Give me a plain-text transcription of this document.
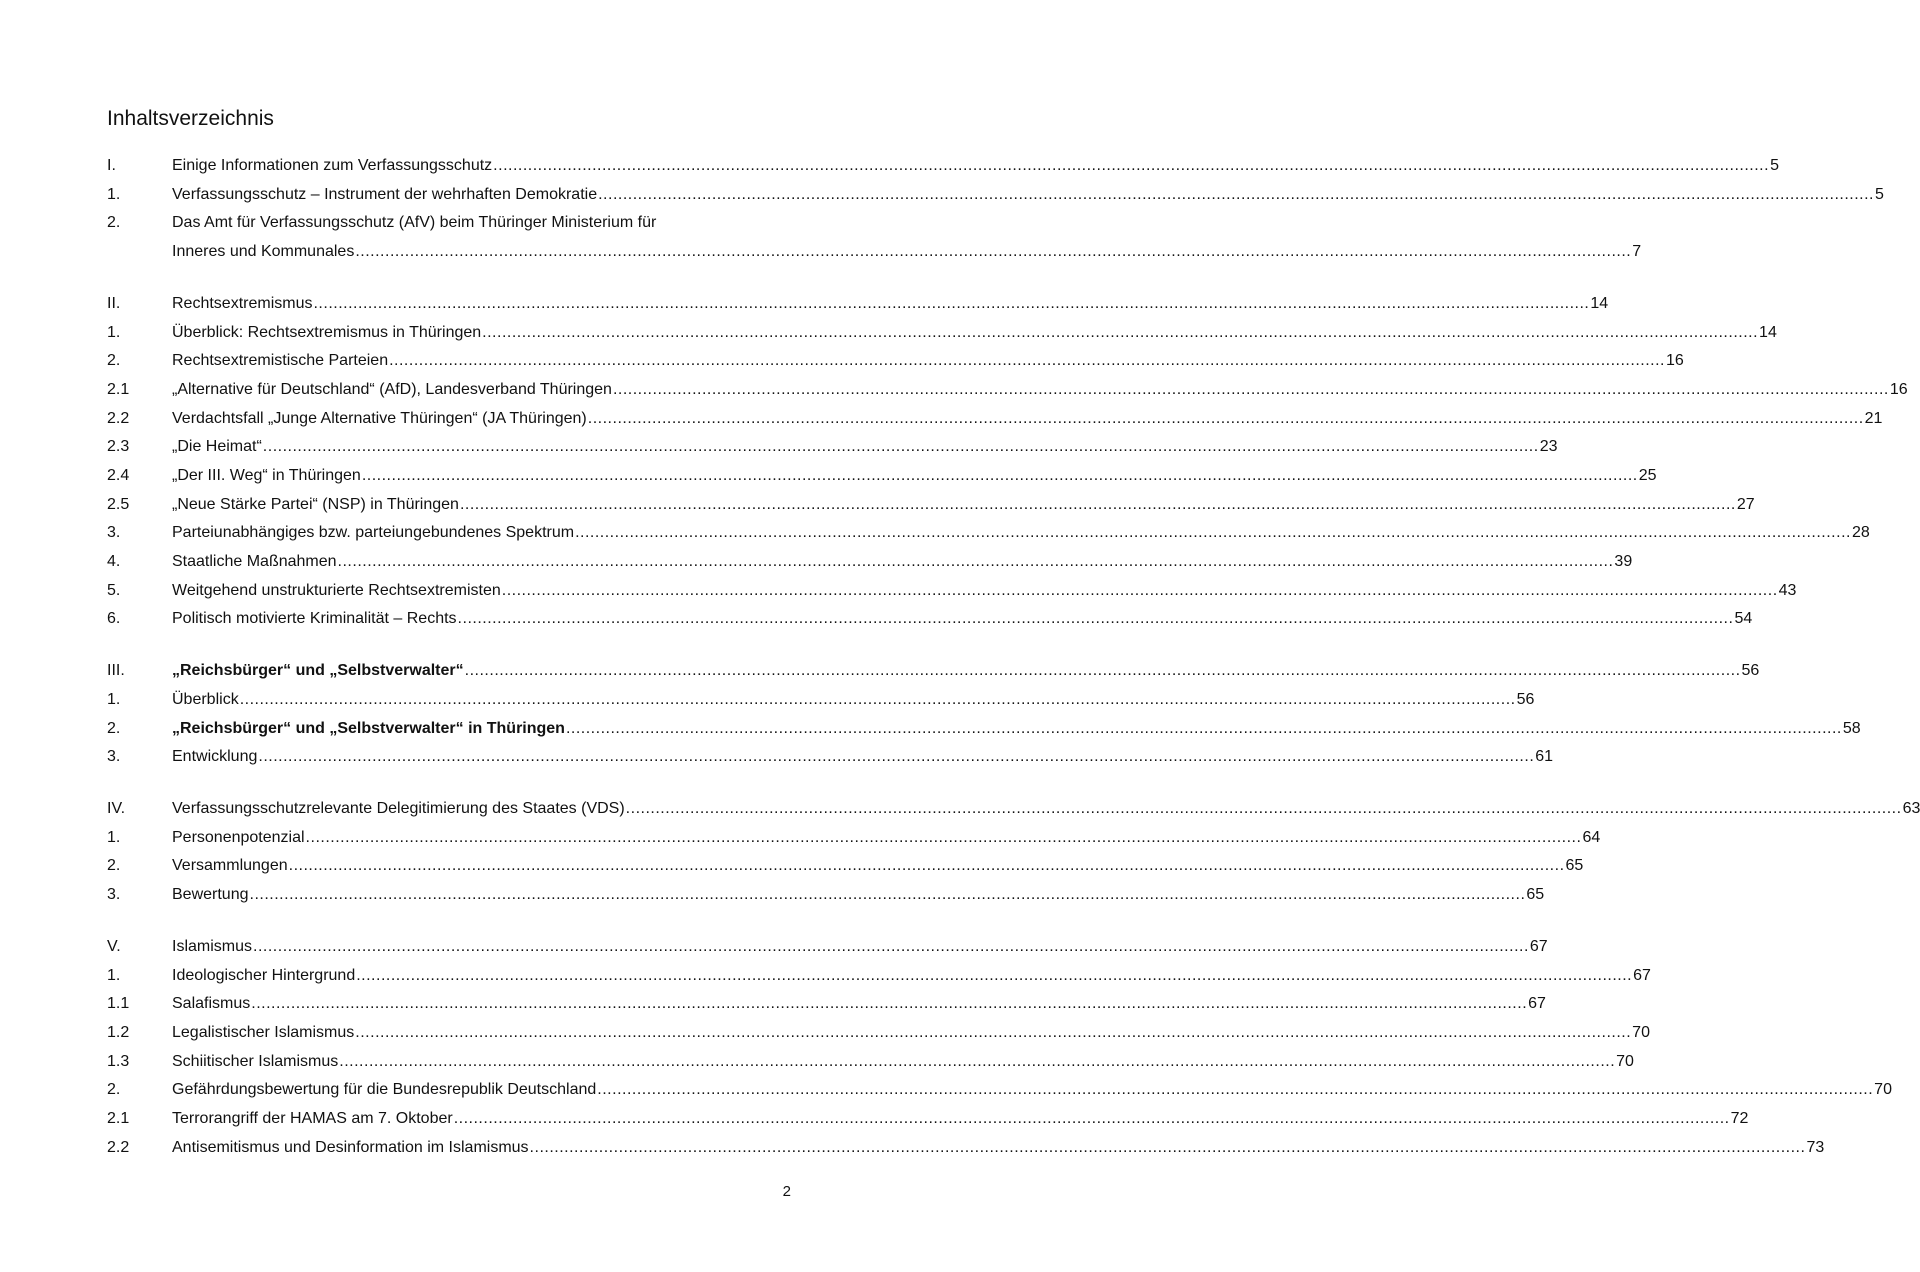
Inhaltsverzeichnis
I.	Einige Informationen zum Verfassungsschutz .....	5
1.	Verfassungsschutz – Instrument der wehrhaften Demokratie .....	5
2.	Das Amt für Verfassungsschutz (AfV) beim Thüringer Ministerium für
Inneres und Kommunales .....	7
II.	Rechtsextremismus .....	14
1.	Überblick: Rechtsextremismus in Thüringen .....	14
2.	Rechtsextremistische Parteien .....	16
2.1	„Alternative für Deutschland“ (AfD), Landesverband Thüringen .....	16
2.2	Verdachtsfall „Junge Alternative Thüringen“ (JA Thüringen) .....	21
2.3	„Die Heimat“ .....	23
2.4	„Der III. Weg“ in Thüringen .....	25
2.5	„Neue Stärke Partei“ (NSP) in Thüringen .....	27
3.	Parteiunabhängiges bzw. parteiungebundenes Spektrum .....	28
4.	Staatliche Maßnahmen .....	39
5.	Weitgehend unstrukturierte Rechtsextremisten .....	43
6.	Politisch motivierte Kriminalität – Rechts .....	54
III.	„Reichsbürger“ und „Selbstverwalter“ .....	56
1.	Überblick .....	56
2.	„Reichsbürger“ und „Selbstverwalter“ in Thüringen .....	58
3.	Entwicklung .....	61
IV.	Verfassungsschutzrelevante Delegitimierung des Staates (VDS) .....	63
1.	Personenpotenzial .....	64
2.	Versammlungen .....	65
3.	Bewertung .....	65
V.	Islamismus .....	67
1.	Ideologischer Hintergrund .....	67
1.1	Salafismus .....	67
1.2	Legalistischer Islamismus .....	70
1.3	Schiitischer Islamismus .....	70
2.	Gefährdungsbewertung für die Bundesrepublik Deutschland .....	70
2.1	Terrorangriff der HAMAS am 7. Oktober .....	72
2.2	Antisemitismus und Desinformation im Islamismus .....	73
2
